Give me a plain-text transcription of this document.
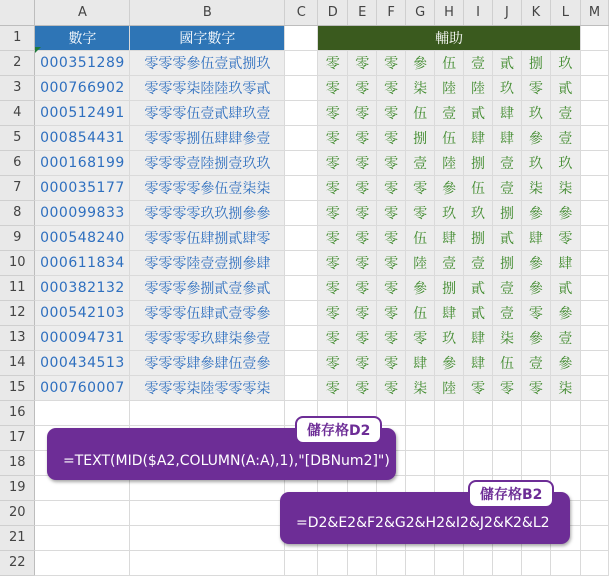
	A	B	C	D	E	F	G	H	I	J	K	L	M
1	數字	國字數字		輔助									
2	000351289	零零零參伍壹貳捌玖		零	零	零	參	伍	壹	貳	捌	玖	
3	000766902	零零零柒陸陸玖零貳		零	零	零	柒	陸	陸	玖	零	貳	
4	000512491	零零零伍壹貳肆玖壹		零	零	零	伍	壹	貳	肆	玖	壹	
5	000854431	零零零捌伍肆肆參壹		零	零	零	捌	伍	肆	肆	參	壹	
6	000168199	零零零壹陸捌壹玖玖		零	零	零	壹	陸	捌	壹	玖	玖	
7	000035177	零零零零參伍壹柒柒		零	零	零	零	參	伍	壹	柒	柒	
8	000099833	零零零零玖玖捌參參		零	零	零	零	玖	玖	捌	參	參	
9	000548240	零零零伍肆捌貳肆零		零	零	零	伍	肆	捌	貳	肆	零	
10	000611834	零零零陸壹壹捌參肆		零	零	零	陸	壹	壹	捌	參	肆	
11	000382132	零零零參捌貳壹參貳		零	零	零	參	捌	貳	壹	參	貳	
12	000542103	零零零伍肆貳壹零參		零	零	零	伍	肆	貳	壹	零	參	
13	000094731	零零零零玖肆柒參壹		零	零	零	零	玖	肆	柒	參	壹	
14	000434513	零零零肆參肆伍壹參		零	零	零	肆	參	肆	伍	壹	參	
15	000760007	零零零柒陸零零零柒		零	零	零	柒	陸	零	零	零	柒	
16													
17													
18													
19													
20													
21													
22													
儲存格D2
=TEXT(MID($A2,COLUMN(A:A),1),"[DBNum2]")
儲存格B2
=D2&E2&F2&G2&H2&I2&J2&K2&L2
